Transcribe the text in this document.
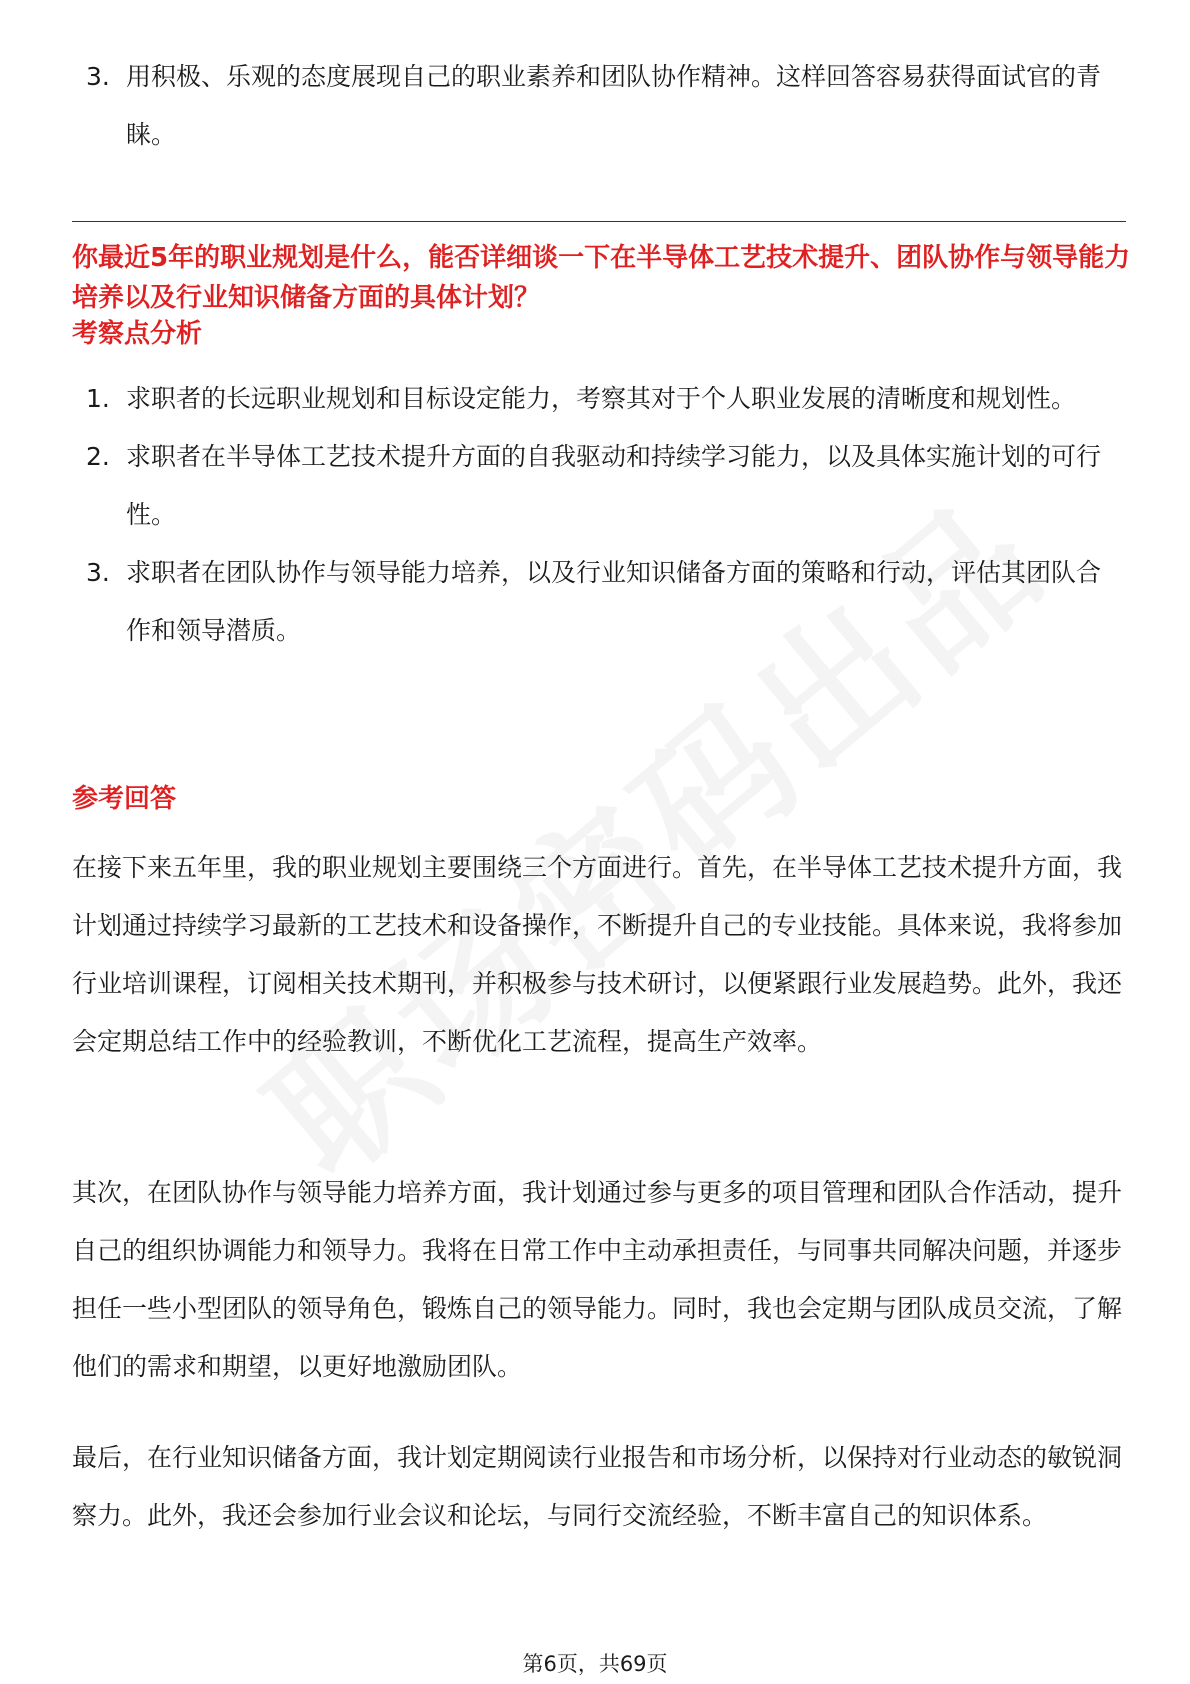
3. 用积极、乐观的态度展现自己的职业素养和团队协作精神。这样回答容易获得面试官的青睐。
你最近5年的职业规划是什么，能否详细谈一下在半导体工艺技术提升、团队协作与领导能力培养以及行业知识储备方面的具体计划？
考察点分析
1. 求职者的长远职业规划和目标设定能力，考察其对于个人职业发展的清晰度和规划性。
2. 求职者在半导体工艺技术提升方面的自我驱动和持续学习能力，以及具体实施计划的可行性。
3. 求职者在团队协作与领导能力培养，以及行业知识储备方面的策略和行动，评估其团队合作和领导潜质。
参考回答

在接下来五年里，我的职业规划主要围绕三个方面进行。首先，在半导体工艺技术提升方面，我计划通过持续学习最新的工艺技术和设备操作，不断提升自己的专业技能。具体来说，我将参加行业培训课程，订阅相关技术期刊，并积极参与技术研讨，以便紧跟行业发展趋势。此外，我还会定期总结工作中的经验教训，不断优化工艺流程，提高生产效率。

其次，在团队协作与领导能力培养方面，我计划通过参与更多的项目管理和团队合作活动，提升自己的组织协调能力和领导力。我将在日常工作中主动承担责任，与同事共同解决问题，并逐步担任一些小型团队的领导角色，锻炼自己的领导能力。同时，我也会定期与团队成员交流，了解他们的需求和期望，以更好地激励团队。

最后，在行业知识储备方面，我计划定期阅读行业报告和市场分析，以保持对行业动态的敏锐洞察力。此外，我还会参加行业会议和论坛，与同行交流经验，不断丰富自己的知识体系。

第6页，共69页
